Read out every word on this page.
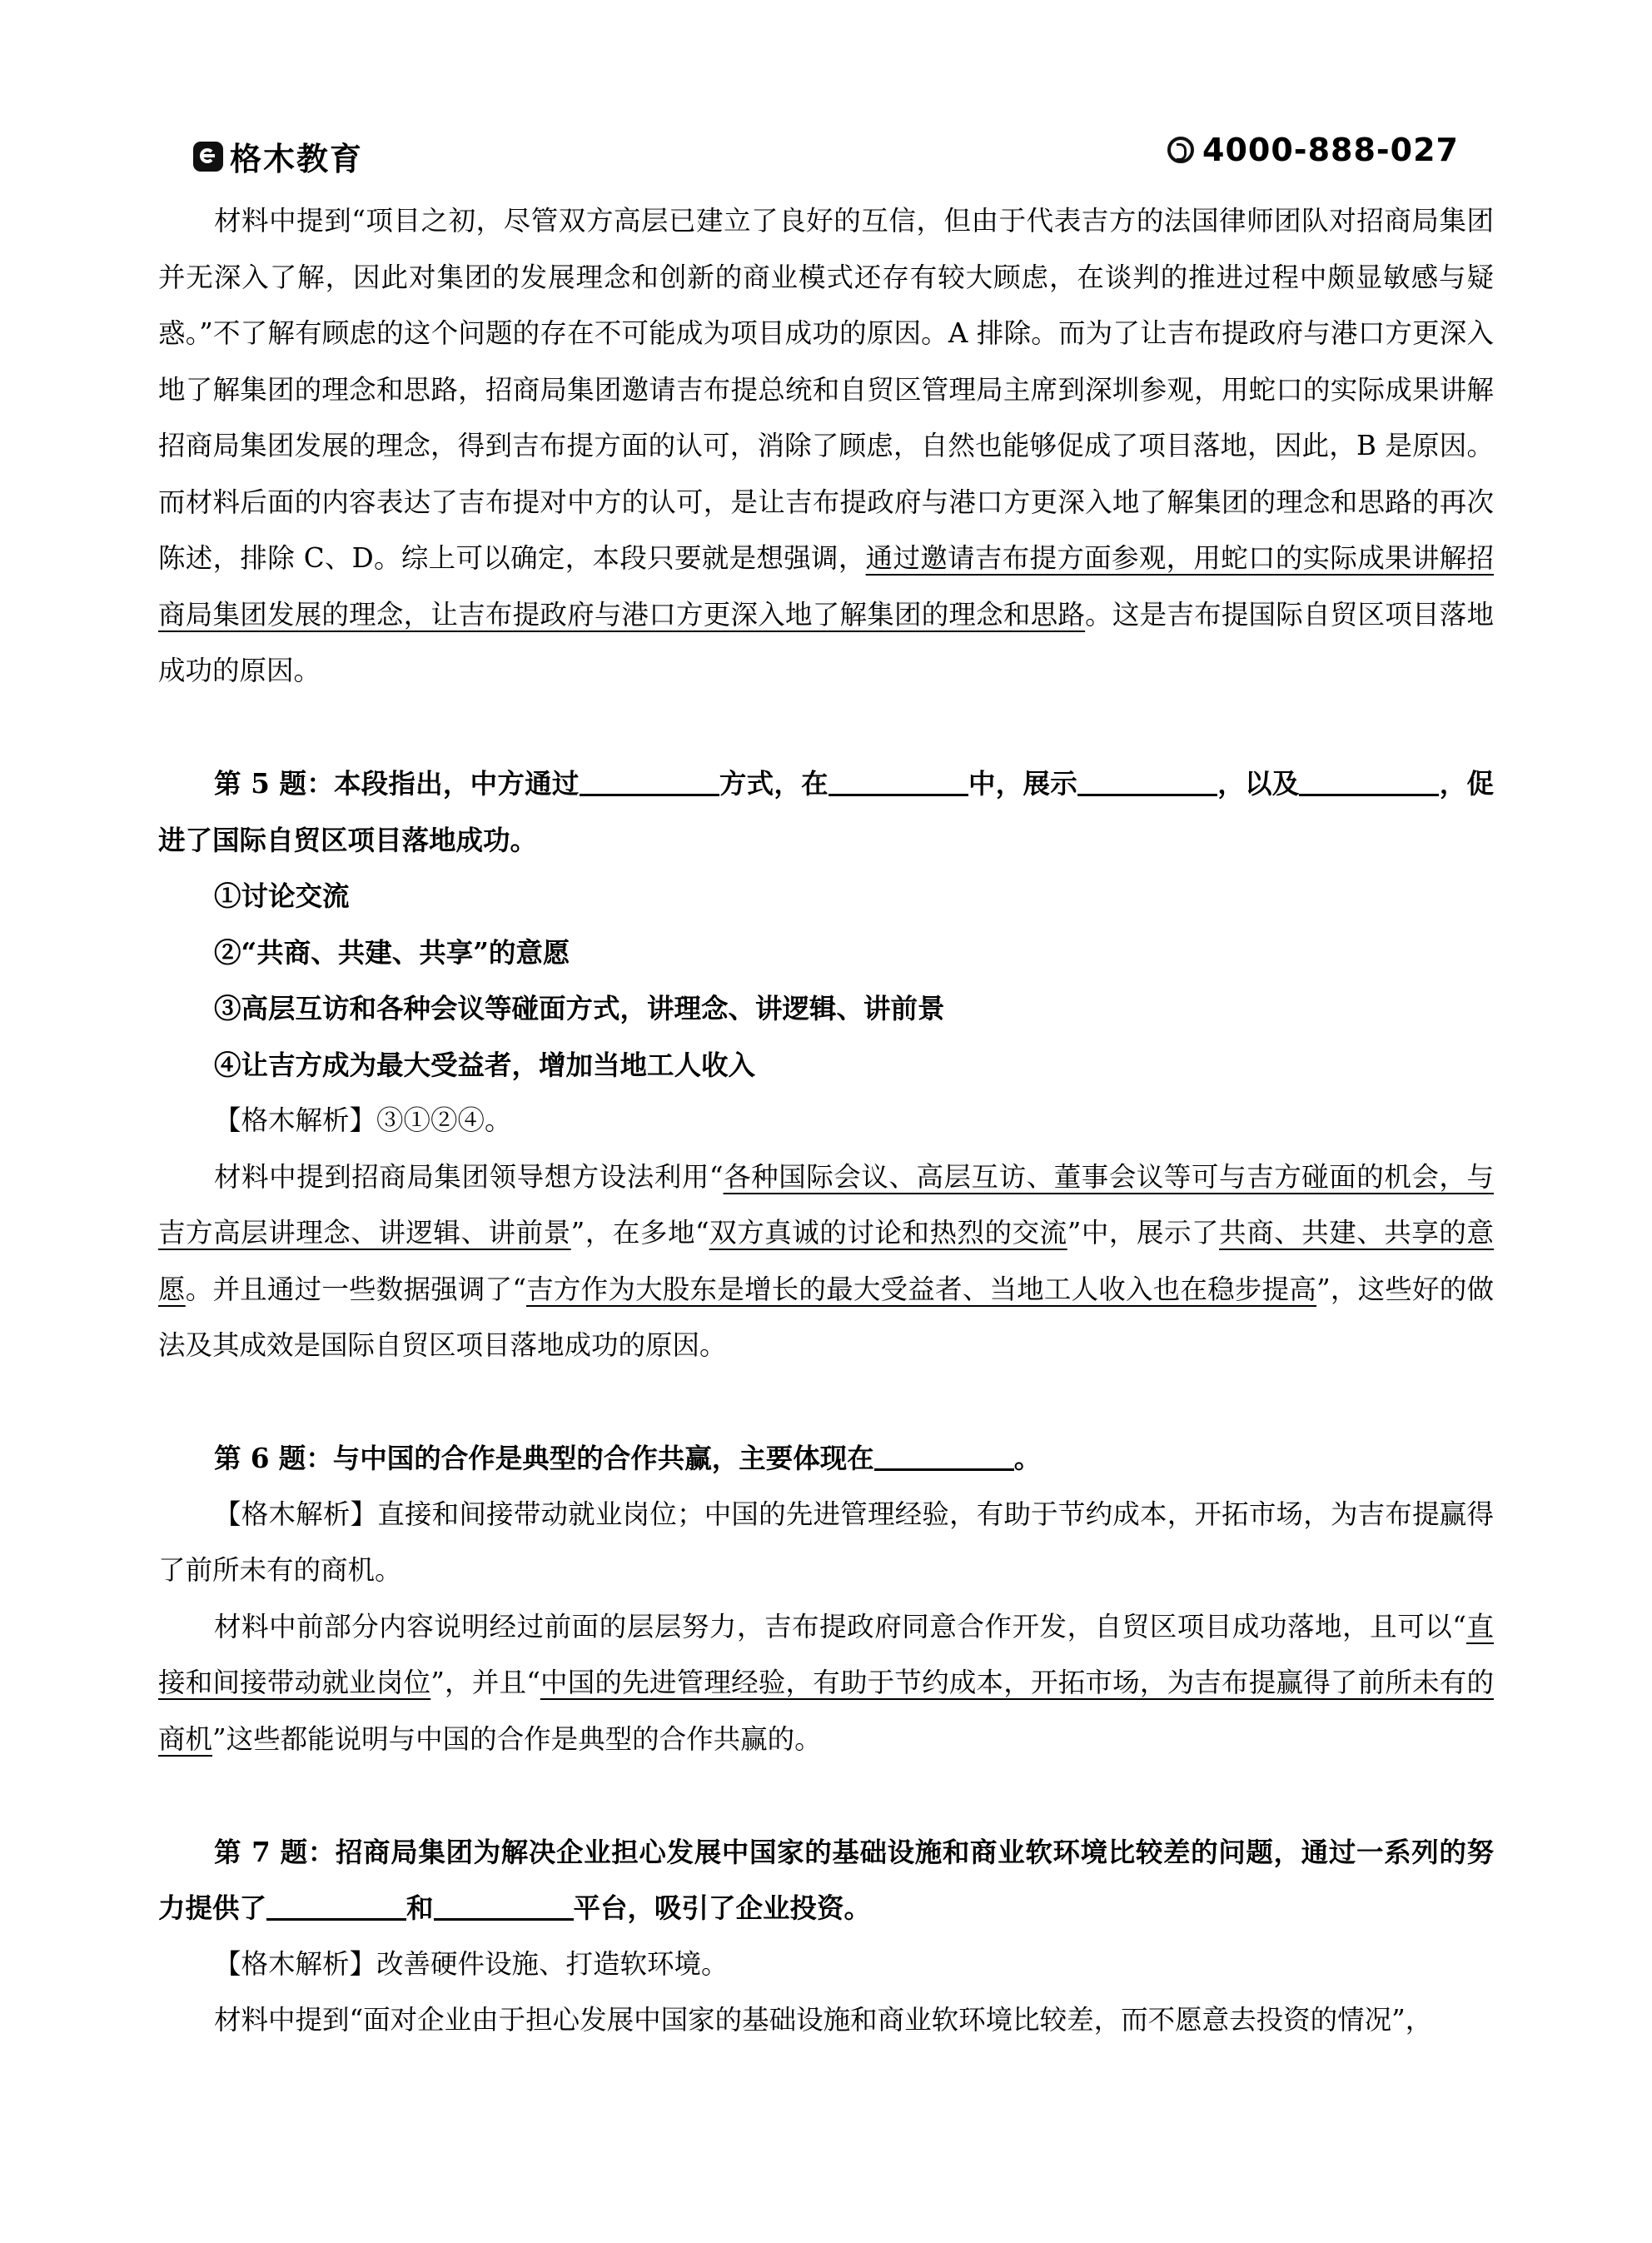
格木教育	4000-888-027

材料中提到“项目之初，尽管双方高层已建立了良好的互信，但由于代表吉方的法国律师团队对招商局集团并无深入了解，因此对集团的发展理念和创新的商业模式还存有较大顾虑，在谈判的推进过程中颇显敏感与疑惑。”不了解有顾虑的这个问题的存在不可能成为项目成功的原因。A 排除。而为了让吉布提政府与港口方更深入地了解集团的理念和思路，招商局集团邀请吉布提总统和自贸区管理局主席到深圳参观，用蛇口的实际成果讲解招商局集团发展的理念，得到吉布提方面的认可，消除了顾虑，自然也能够促成了项目落地，因此，B 是原因。而材料后面的内容表达了吉布提对中方的认可，是让吉布提政府与港口方更深入地了解集团的理念和思路的再次陈述，排除 C、D。综上可以确定，本段只要就是想强调，通过邀请吉布提方面参观，用蛇口的实际成果讲解招商局集团发展的理念，让吉布提政府与港口方更深入地了解集团的理念和思路。这是吉布提国际自贸区项目落地成功的原因。

第 5 题：本段指出，中方通过	方式，在	中，展示	，以及	，促进了国际自贸区项目落地成功。

①讨论交流

②“共商、共建、共享”的意愿

③高层互访和各种会议等碰面方式，讲理念、讲逻辑、讲前景

④让吉方成为最大受益者，增加当地工人收入

【格木解析】③①②④。

材料中提到招商局集团领导想方设法利用“各种国际会议、高层互访、董事会议等可与吉方碰面的机会，与吉方高层讲理念、讲逻辑、讲前景”，在多地“双方真诚的讨论和热烈的交流”中，展示了共商、共建、共享的意愿。并且通过一些数据强调了“吉方作为大股东是增长的最大受益者、当地工人收入也在稳步提高”，这些好的做法及其成效是国际自贸区项目落地成功的原因。

第 6 题：与中国的合作是典型的合作共赢，主要体现在	。

【格木解析】直接和间接带动就业岗位；中国的先进管理经验，有助于节约成本，开拓市场，为吉布提赢得了前所未有的商机。

材料中前部分内容说明经过前面的层层努力，吉布提政府同意合作开发，自贸区项目成功落地，且可以“直接和间接带动就业岗位”，并且“中国的先进管理经验，有助于节约成本，开拓市场，为吉布提赢得了前所未有的商机”这些都能说明与中国的合作是典型的合作共赢的。

第 7 题：招商局集团为解决企业担心发展中国家的基础设施和商业软环境比较差的问题，通过一系列的努力提供了	和	平台，吸引了企业投资。

【格木解析】改善硬件设施、打造软环境。

材料中提到“面对企业由于担心发展中国家的基础设施和商业软环境比较差，而不愿意去投资的情况”，
